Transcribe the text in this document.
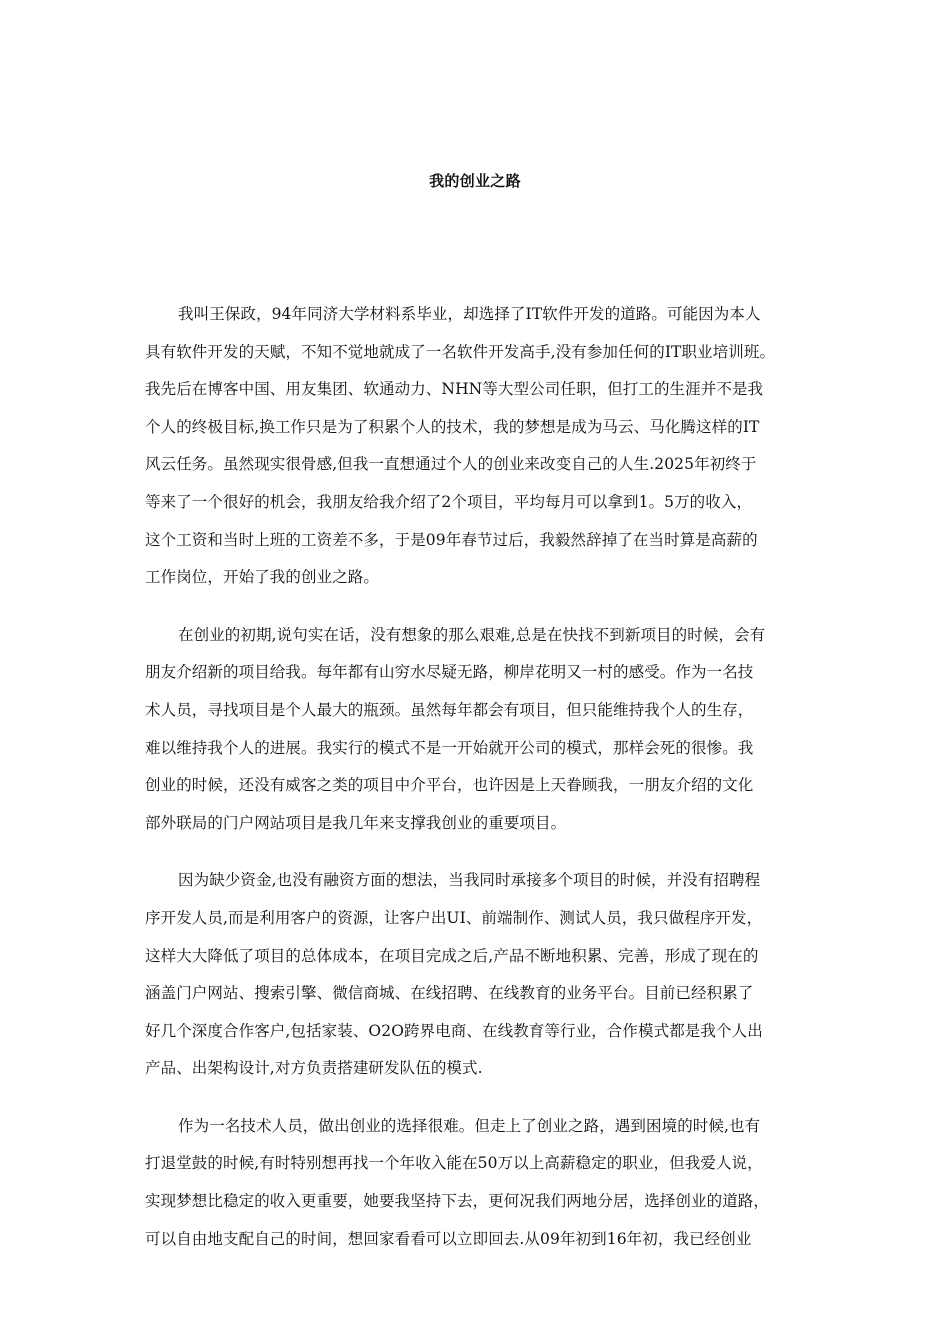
我的创业之路

我叫王保政，94年同济大学材料系毕业，却选择了IT软件开发的道路。可能因为本人
具有软件开发的天赋，不知不觉地就成了一名软件开发高手,没有参加任何的IT职业培训班。
我先后在博客中国、用友集团、软通动力、NHN等大型公司任职，但打工的生涯并不是我
个人的终极目标,换工作只是为了积累个人的技术，我的梦想是成为马云、马化腾这样的IT
风云任务。虽然现实很骨感,但我一直想通过个人的创业来改变自己的人生.2025年初终于
等来了一个很好的机会，我朋友给我介绍了2个项目，平均每月可以拿到1。5万的收入，
这个工资和当时上班的工资差不多，于是09年春节过后，我毅然辞掉了在当时算是高薪的
工作岗位，开始了我的创业之路。

在创业的初期,说句实在话，没有想象的那么艰难,总是在快找不到新项目的时候，会有
朋友介绍新的项目给我。每年都有山穷水尽疑无路，柳岸花明又一村的感受。作为一名技
术人员，寻找项目是个人最大的瓶颈。虽然每年都会有项目，但只能维持我个人的生存，
难以维持我个人的进展。我实行的模式不是一开始就开公司的模式，那样会死的很惨。我
创业的时候，还没有威客之类的项目中介平台，也许因是上天眷顾我，一朋友介绍的文化
部外联局的门户网站项目是我几年来支撑我创业的重要项目。

因为缺少资金,也没有融资方面的想法，当我同时承接多个项目的时候，并没有招聘程
序开发人员,而是利用客户的资源，让客户出UI、前端制作、测试人员，我只做程序开发，
这样大大降低了项目的总体成本，在项目完成之后,产品不断地积累、完善，形成了现在的
涵盖门户网站、搜索引擎、微信商城、在线招聘、在线教育的业务平台。目前已经积累了
好几个深度合作客户,包括家装、O2O跨界电商、在线教育等行业，合作模式都是我个人出
产品、出架构设计,对方负责搭建研发队伍的模式.

作为一名技术人员，做出创业的选择很难。但走上了创业之路，遇到困境的时候,也有
打退堂鼓的时候,有时特别想再找一个年收入能在50万以上高薪稳定的职业，但我爱人说，
实现梦想比稳定的收入更重要，她要我坚持下去，更何况我们两地分居，选择创业的道路，
可以自由地支配自己的时间，想回家看看可以立即回去.从09年初到16年初，我已经创业
